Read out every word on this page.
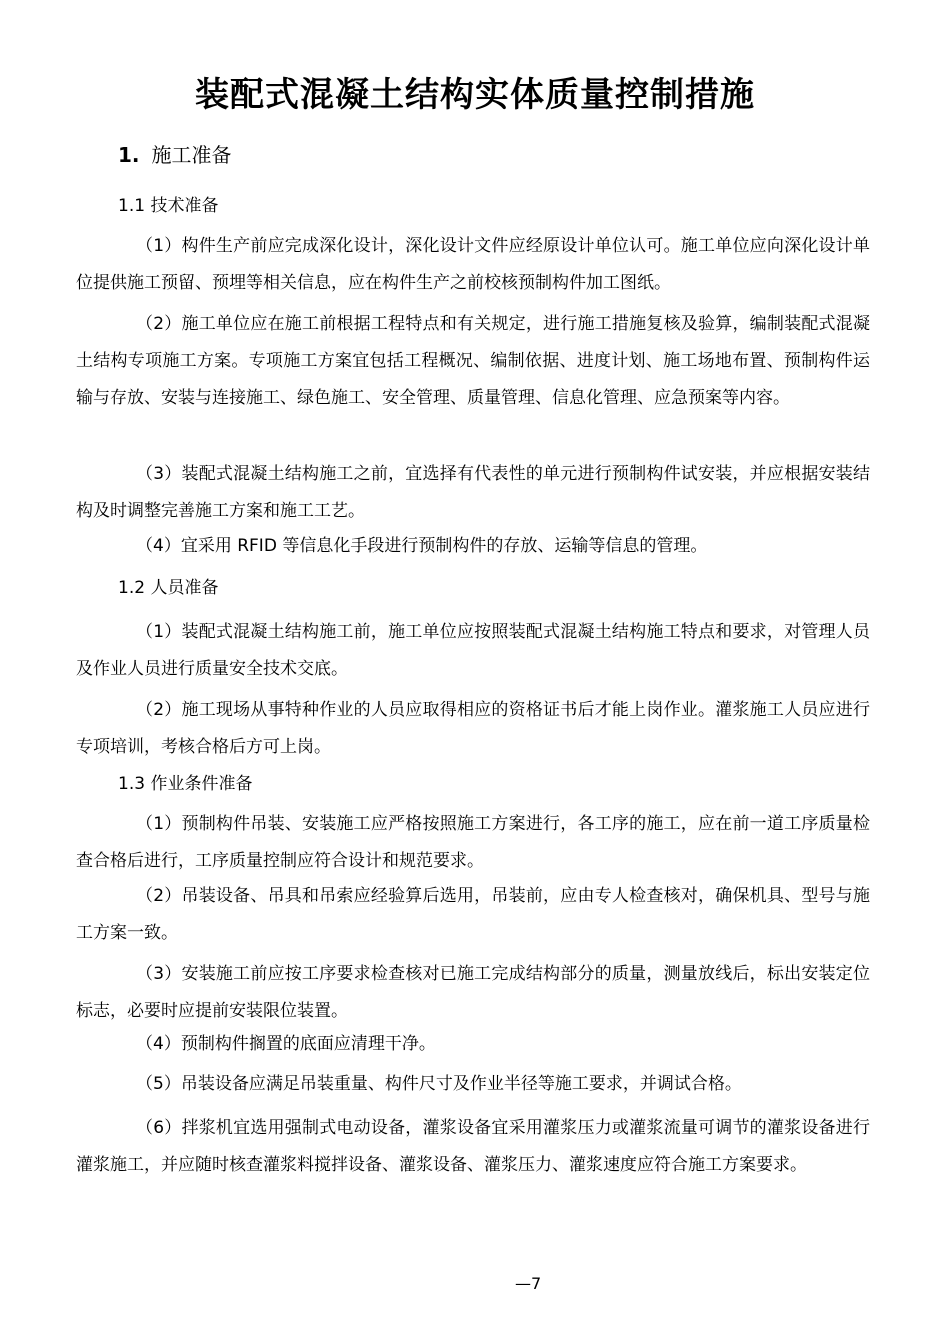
装配式混凝土结构实体质量控制措施
1. 施工准备
1.1 技术准备

（1）构件生产前应完成深化设计，深化设计文件应经原设计单位认可。施工单位应向深化设计单位提供施工预留、预埋等相关信息，应在构件生产之前校核预制构件加工图纸。

（2）施工单位应在施工前根据工程特点和有关规定，进行施工措施复核及验算，编制装配式混凝土结构专项施工方案。专项施工方案宜包括工程概况、编制依据、进度计划、施工场地布置、预制构件运输与存放、安装与连接施工、绿色施工、安全管理、质量管理、信息化管理、应急预案等内容。

（3）装配式混凝土结构施工之前，宜选择有代表性的单元进行预制构件试安装，并应根据安装结构及时调整完善施工方案和施工工艺。

（4）宜采用 RFID 等信息化手段进行预制构件的存放、运输等信息的管理。

1.2 人员准备

（1）装配式混凝土结构施工前，施工单位应按照装配式混凝土结构施工特点和要求，对管理人员及作业人员进行质量安全技术交底。

（2）施工现场从事特种作业的人员应取得相应的资格证书后才能上岗作业。灌浆施工人员应进行专项培训，考核合格后方可上岗。

1.3 作业条件准备

（1）预制构件吊装、安装施工应严格按照施工方案进行，各工序的施工，应在前一道工序质量检查合格后进行，工序质量控制应符合设计和规范要求。

（2）吊装设备、吊具和吊索应经验算后选用，吊装前，应由专人检查核对，确保机具、型号与施工方案一致。

（3）安装施工前应按工序要求检查核对已施工完成结构部分的质量，测量放线后，标出安装定位标志，必要时应提前安装限位装置。

（4）预制构件搁置的底面应清理干净。

（5）吊装设备应满足吊装重量、构件尺寸及作业半径等施工要求，并调试合格。

（6）拌浆机宜选用强制式电动设备，灌浆设备宜采用灌浆压力或灌浆流量可调节的灌浆设备进行灌浆施工，并应随时核查灌浆料搅拌设备、灌浆设备、灌浆压力、灌浆速度应符合施工方案要求。

—7
